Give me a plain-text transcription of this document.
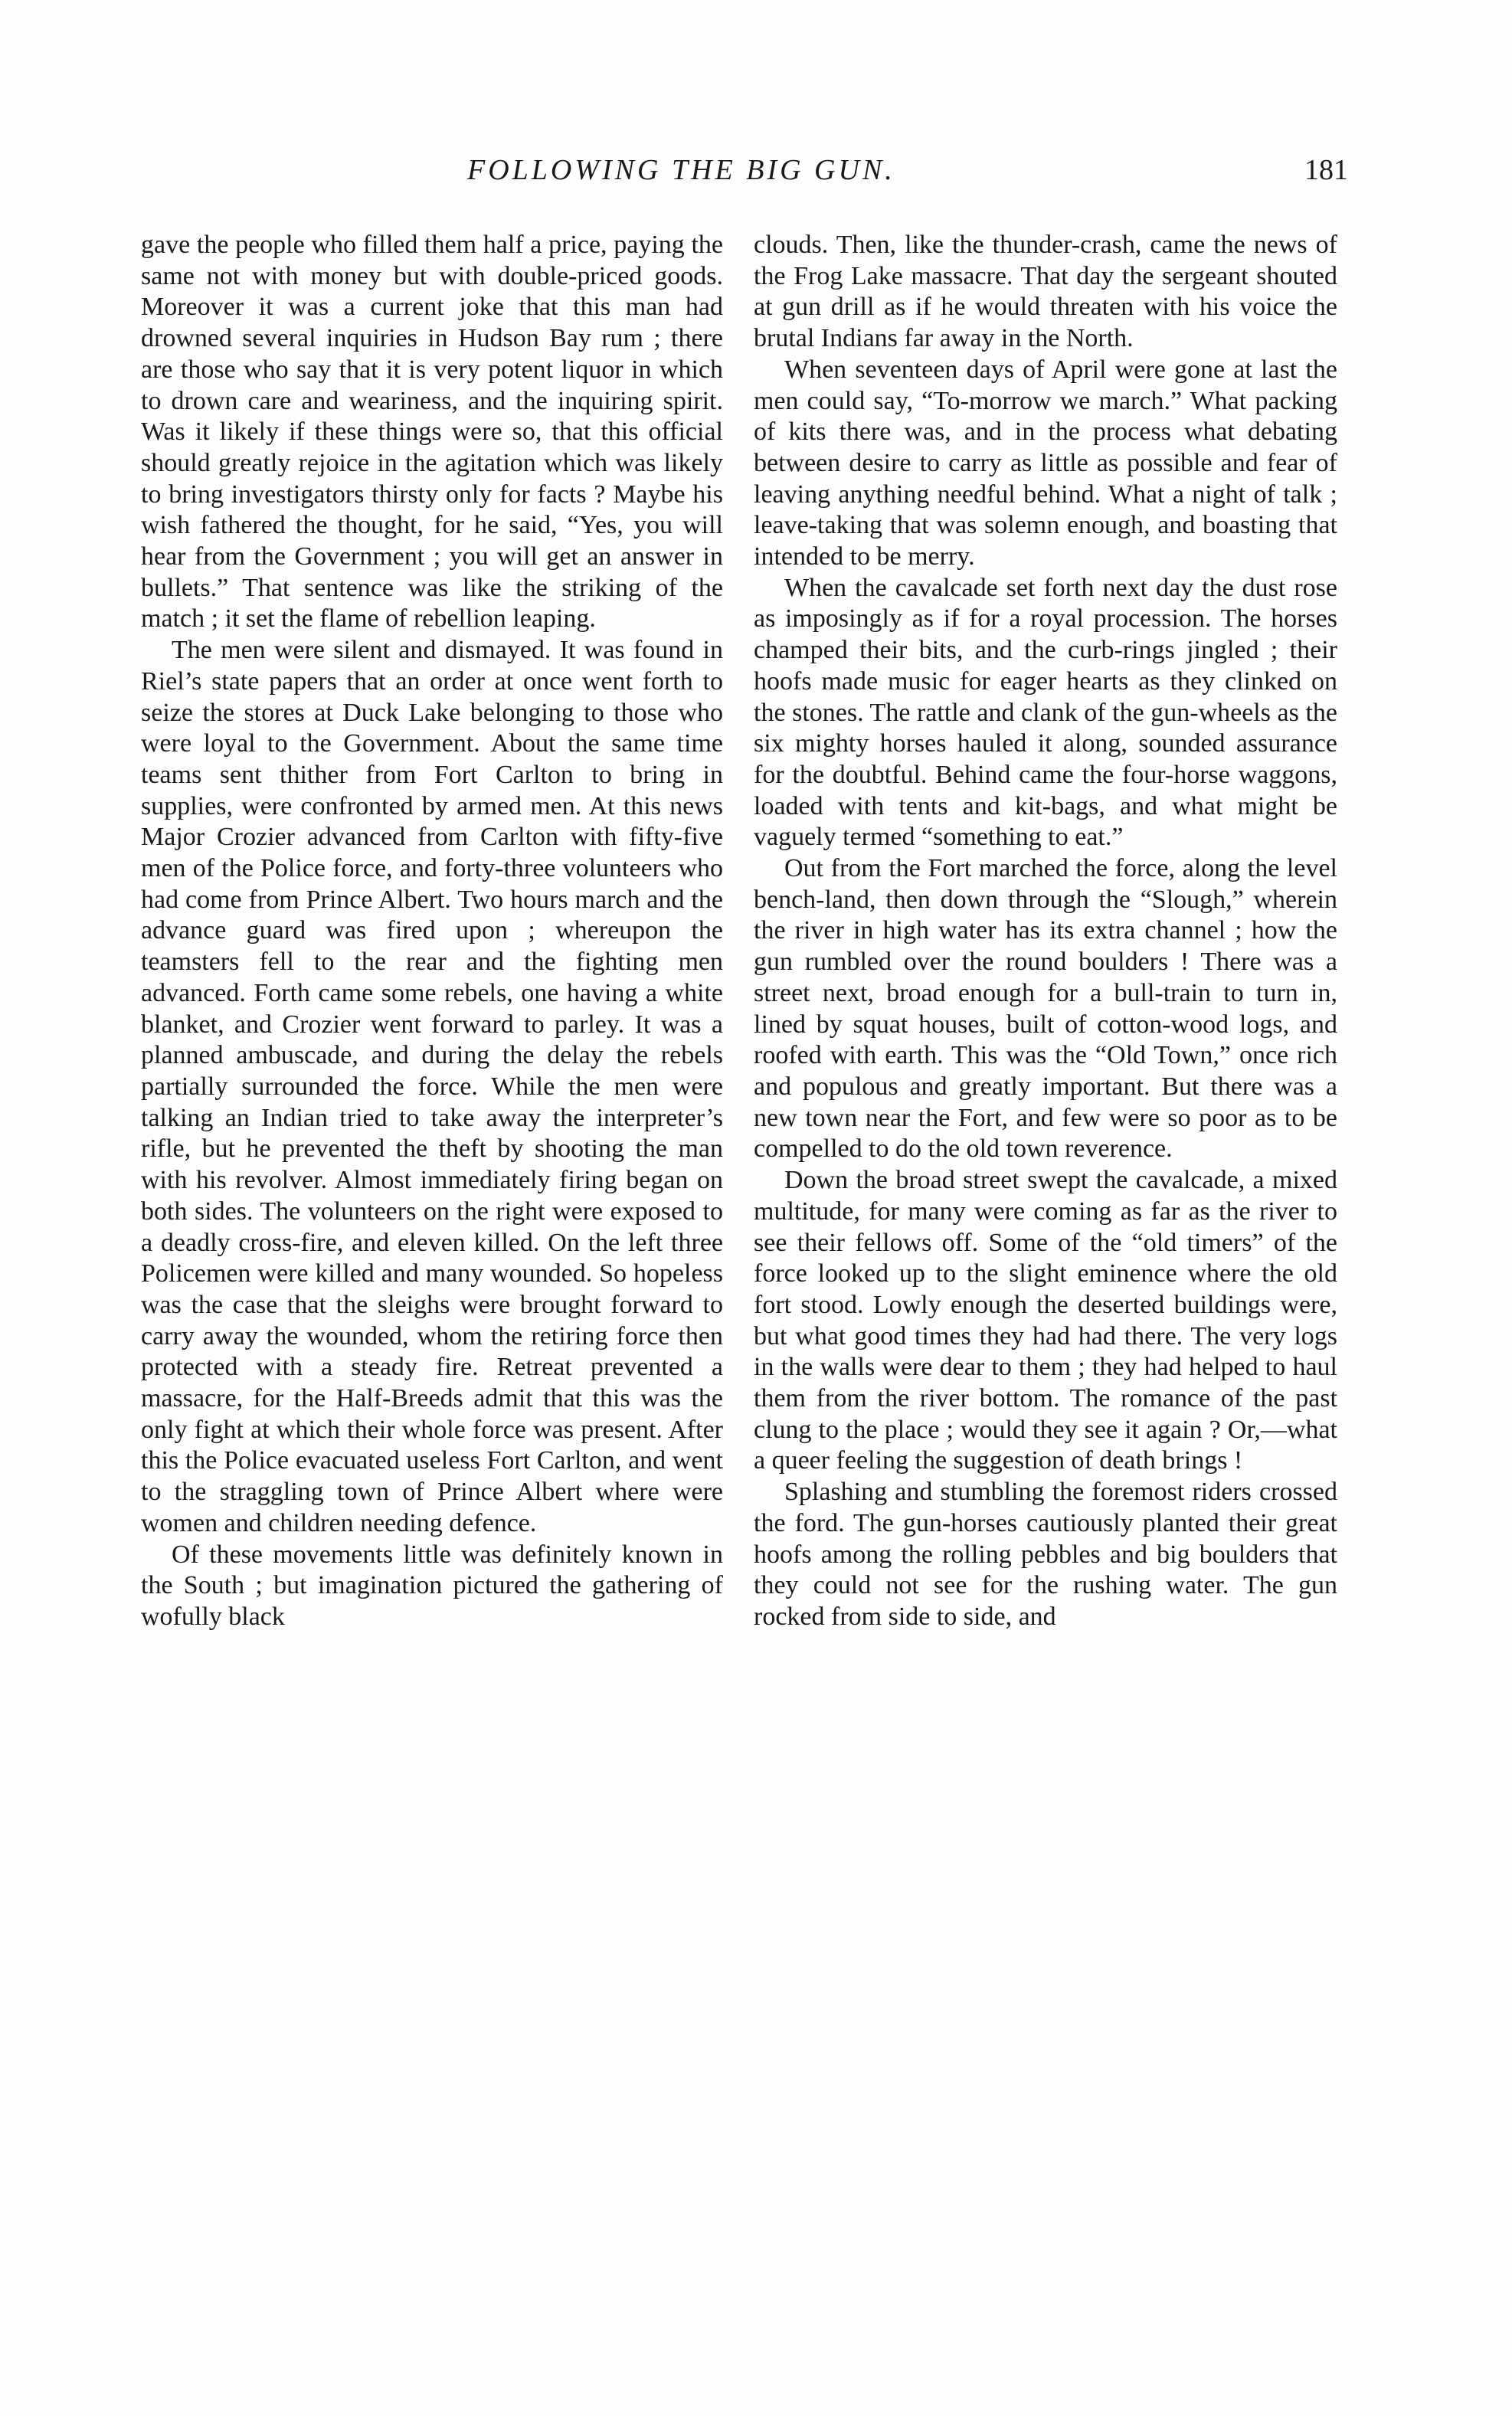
FOLLOWING THE BIG GUN.	181

gave the people who filled them half a price, paying the same not with money but with double-priced goods. Moreover it was a current joke that this man had drowned several inquiries in Hudson Bay rum ; there are those who say that it is very potent liquor in which to drown care and weariness, and the inquiring spirit. Was it likely if these things were so, that this official should greatly rejoice in the agitation which was likely to bring investigators thirsty only for facts ? Maybe his wish fathered the thought, for he said, “Yes, you will hear from the Government ; you will get an answer in bullets.” That sentence was like the striking of the match ; it set the flame of rebellion leaping.

The men were silent and dismayed. It was found in Riel’s state papers that an order at once went forth to seize the stores at Duck Lake belonging to those who were loyal to the Government. About the same time teams sent thither from Fort Carlton to bring in supplies, were confronted by armed men. At this news Major Crozier advanced from Carlton with fifty-five men of the Police force, and forty-three volunteers who had come from Prince Albert. Two hours march and the advance guard was fired upon ; whereupon the teamsters fell to the rear and the fighting men advanced. Forth came some rebels, one having a white blanket, and Crozier went forward to parley. It was a planned ambuscade, and during the delay the rebels partially surrounded the force. While the men were talking an Indian tried to take away the interpreter’s rifle, but he prevented the theft by shooting the man with his revolver. Almost immediately firing began on both sides. The volunteers on the right were exposed to a deadly cross-fire, and eleven killed. On the left three Policemen were killed and many wounded. So hopeless was the case that the sleighs were brought forward to carry away the wounded, whom the retiring force then protected with a steady fire. Retreat prevented a massacre, for the Half-Breeds admit that this was the only fight at which their whole force was present. After this the Police evacuated useless Fort Carlton, and went to the straggling town of Prince Albert where were women and children needing defence.

Of these movements little was definitely known in the South ; but imagination pictured the gathering of wofully black

clouds. Then, like the thunder-crash, came the news of the Frog Lake massacre. That day the sergeant shouted at gun drill as if he would threaten with his voice the brutal Indians far away in the North.

When seventeen days of April were gone at last the men could say, “To-morrow we march.” What packing of kits there was, and in the process what debating between desire to carry as little as possible and fear of leaving anything needful behind. What a night of talk ; leave-taking that was solemn enough, and boasting that intended to be merry.

When the cavalcade set forth next day the dust rose as imposingly as if for a royal procession. The horses champed their bits, and the curb-rings jingled ; their hoofs made music for eager hearts as they clinked on the stones. The rattle and clank of the gun-wheels as the six mighty horses hauled it along, sounded assurance for the doubtful. Behind came the four-horse waggons, loaded with tents and kit-bags, and what might be vaguely termed “something to eat.”

Out from the Fort marched the force, along the level bench-land, then down through the “Slough,” wherein the river in high water has its extra channel ; how the gun rumbled over the round boulders ! There was a street next, broad enough for a bull-train to turn in, lined by squat houses, built of cotton-wood logs, and roofed with earth. This was the “Old Town,” once rich and populous and greatly important. But there was a new town near the Fort, and few were so poor as to be compelled to do the old town reverence.

Down the broad street swept the cavalcade, a mixed multitude, for many were coming as far as the river to see their fellows off. Some of the “old timers” of the force looked up to the slight eminence where the old fort stood. Lowly enough the deserted buildings were, but what good times they had had there. The very logs in the walls were dear to them ; they had helped to haul them from the river bottom. The romance of the past clung to the place ; would they see it again ? Or,—what a queer feeling the suggestion of death brings !

Splashing and stumbling the foremost riders crossed the ford. The gun-horses cautiously planted their great hoofs among the rolling pebbles and big boulders that they could not see for the rushing water. The gun rocked from side to side, and
